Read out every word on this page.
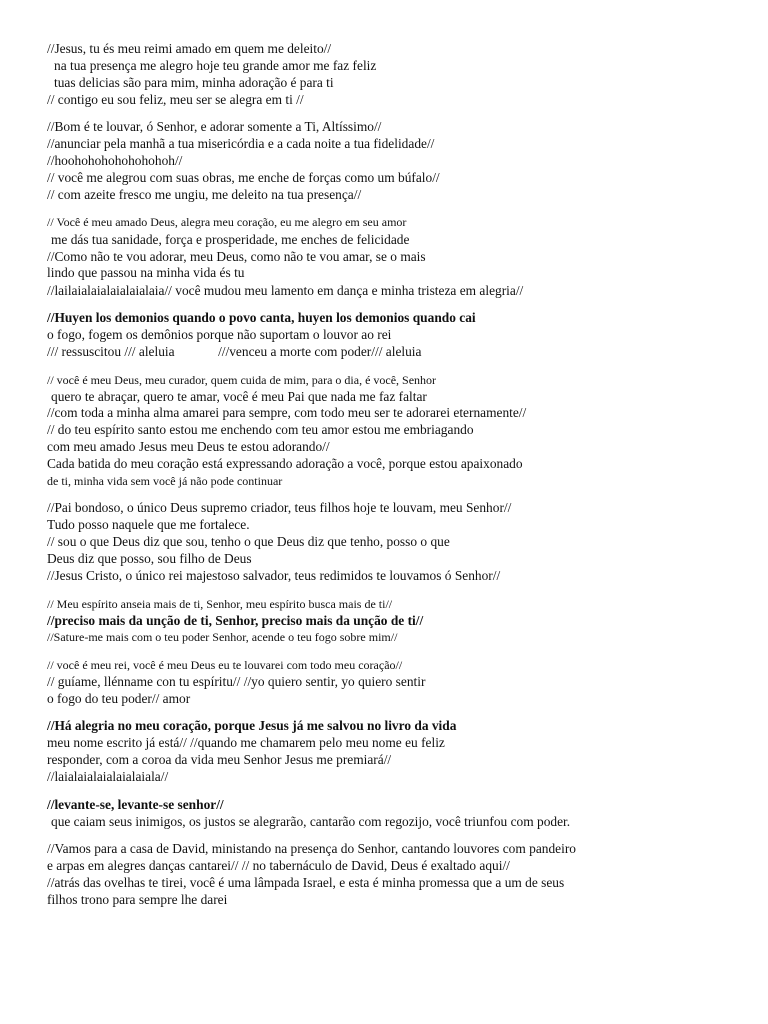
//Jesus, tu és meu reimi amado em quem me deleito//
na tua presença me alegro hoje teu grande amor me faz feliz
tuas delicias são para mim, minha adoração é para ti
// contigo eu sou feliz, meu ser se alegra em ti //
//Bom é te louvar, ó Senhor, e adorar somente a Ti, Altíssimo//
//anunciar pela manhã a tua misericórdia e a cada noite a tua fidelidade//
//hoohohohohohohohoh//
// você me alegrou com suas obras, me enche de forças como um búfalo//
// com azeite fresco me ungiu, me deleito na tua presença//
// Você é meu amado Deus, alegra meu coração, eu me alegro em seu amor
me dás tua sanidade, força e prosperidade, me enches de felicidade
//Como não te vou adorar, meu Deus, como não te vou amar, se o mais
lindo que passou na minha vida és tu
//lailaialaialaialaialaia// você mudou meu lamento em dança e minha tristeza em alegria//
//Huyen los demonios quando o povo canta, huyen los demonios quando cai
o fogo, fogem os demônios porque não suportam o louvor ao rei
/// ressuscitou /// aleluia             ///venceu a morte com poder/// aleluia
// você é meu Deus, meu curador, quem cuida de mim, para o dia, é você, Senhor
quero te abraçar, quero te amar, você é meu Pai que nada me faz faltar
//com toda a minha alma amarei para sempre, com todo meu ser te adorarei eternamente//
// do teu espírito santo estou me enchendo com teu amor estou me embriagando
com meu amado Jesus meu Deus te estou adorando//
Cada batida do meu coração está expressando adoração a você, porque estou apaixonado
de ti, minha vida sem você já não pode continuar
//Pai bondoso, o único Deus supremo criador, teus filhos hoje te louvam, meu Senhor//
Tudo posso naquele que me fortalece.
// sou o que Deus diz que sou, tenho o que Deus diz que tenho, posso o que
Deus diz que posso, sou filho de Deus
//Jesus Cristo, o único rei majestoso salvador, teus redimidos te louvamos ó Senhor//
// Meu espírito anseia mais de ti, Senhor, meu espírito busca mais de ti//
//preciso mais da unção de ti, Senhor, preciso mais da unção de ti//
//Sature-me mais com o teu poder Senhor, acende o teu fogo sobre mim//
// você é meu rei, você é meu Deus eu te louvarei com todo meu coração//
// guíame, llénname con tu espíritu// //yo quiero sentir, yo quiero sentir
o fogo do teu poder// amor
//Há alegria no meu coração, porque Jesus já me salvou no livro da vida
meu nome escrito já está// //quando me chamarem pelo meu nome eu feliz
responder, com a coroa da vida meu Senhor Jesus me premiará//
//laialaialaialaialaiala//
//levante-se, levante-se senhor//
que caiam seus inimigos, os justos se alegrarão, cantarão com regozijo, você triunfou com poder.
//Vamos para a casa de David, ministando na presença do Senhor, cantando louvores com pandeiro
e arpas em alegres danças cantarei// // no tabernáculo de David, Deus é exaltado aqui//
//atrás das ovelhas te tirei, você é uma lâmpada Israel, e esta é minha promessa que a um de seus
filhos trono para sempre lhe darei
